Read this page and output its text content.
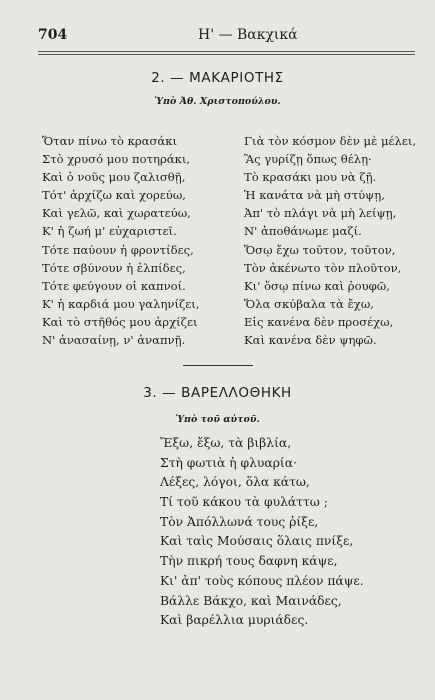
704	Η' — Βακχικά
2. — ΜΑΚΑΡΙΟΤΗΣ
Ὑπὸ Ἀθ. Χριστοπούλου.
Ὅταν πίνω τὸ κρασάκι
Στὸ χρυσό μου ποτηράκι,
Καὶ ὁ νοῦς μου ζαλισθῇ,
Τότ' ἀρχίζω καὶ χορεύω,
Καὶ γελῶ, καὶ χωρατεύω,
Κ' ἡ ζωή μ' εὐχαριστεῖ.
Τότε παύουν ἡ φροντίδες,
Τότε σβύνουν ἡ ἐλπίδες,
Τότε φεύγουν οἱ καπνοί.
Κ' ἡ καρδιά μου γαληνίζει,
Καὶ τὸ στῆθός μου ἀρχίζει
Ν' ἀνασαίνῃ, ν' ἀναπνῇ.
Γιὰ τὸν κόσμον δὲν μὲ μέλει,
Ἂς γυρίζῃ ὅπως θέλῃ·
Τὸ κρασάκι μου νὰ ζῇ.
Ἡ κανάτα νὰ μὴ στύψῃ,
Ἀπ' τὸ πλάγι νὰ μὴ λείψῃ,
Ν' ἀποθάνωμε μαζί.
Ὅσῳ ἔχω τοῦτον, τοῦτον,
Τὸν ἀκένωτο τὸν πλοῦτον,
Κι' ὅσῳ πίνω καὶ ῥουφῶ,
Ὅλα σκύβαλα τὰ ἔχω,
Εἰς κανένα δὲν προσέχω,
Καὶ κανένα δὲν ψηφῶ.
3. — ΒΑΡΕΛΛΟΘΗΚΗ
Ὑπὸ τοῦ αὐτοῦ.
Ἔξω, ἔξω, τὰ βιβλία,
Στὴ φωτιὰ ἡ φλυαρία·
Λέξες, λόγοι, ὅλα κάτω,
Τί τοῦ κάκου τὰ φυλάττω ;
Τὸν Ἀπόλλωνά τους ῥίξε,
Καὶ ταὶς Μούσαις ὅλαις πνίξε,
Τὴν πικρή τους δαφνη κάψε,
Κι' ἀπ' τοὺς κόπους πλέον πάψε.
Βάλλε Βάκχο, καὶ Μαινάδες,
Καὶ βαρέλλια μυριάδες.
